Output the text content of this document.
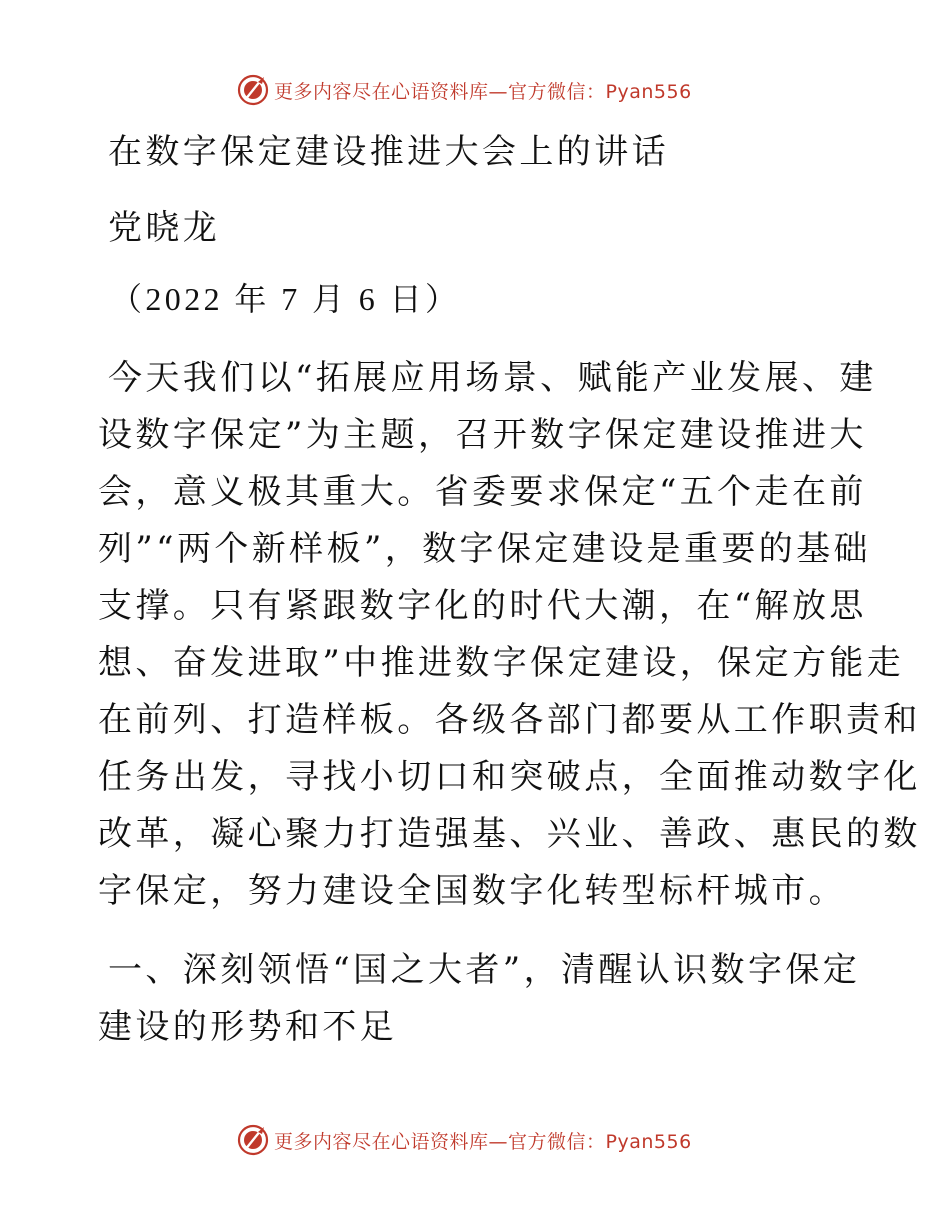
更多内容尽在心语资料库—官方微信：Pyan556
在数字保定建设推进大会上的讲话
党晓龙
（2022 年 7 月 6 日）
今天我们以“拓展应用场景、赋能产业发展、建
设数字保定”为主题，召开数字保定建设推进大
会，意义极其重大。省委要求保定“五个走在前
列”“两个新样板”，数字保定建设是重要的基础
支撑。只有紧跟数字化的时代大潮，在“解放思
想、奋发进取”中推进数字保定建设，保定方能走
在前列、打造样板。各级各部门都要从工作职责和
任务出发，寻找小切口和突破点，全面推动数字化
改革，凝心聚力打造强基、兴业、善政、惠民的数
字保定，努力建设全国数字化转型标杆城市。
一、深刻领悟“国之大者”，清醒认识数字保定
建设的形势和不足
更多内容尽在心语资料库—官方微信：Pyan556
